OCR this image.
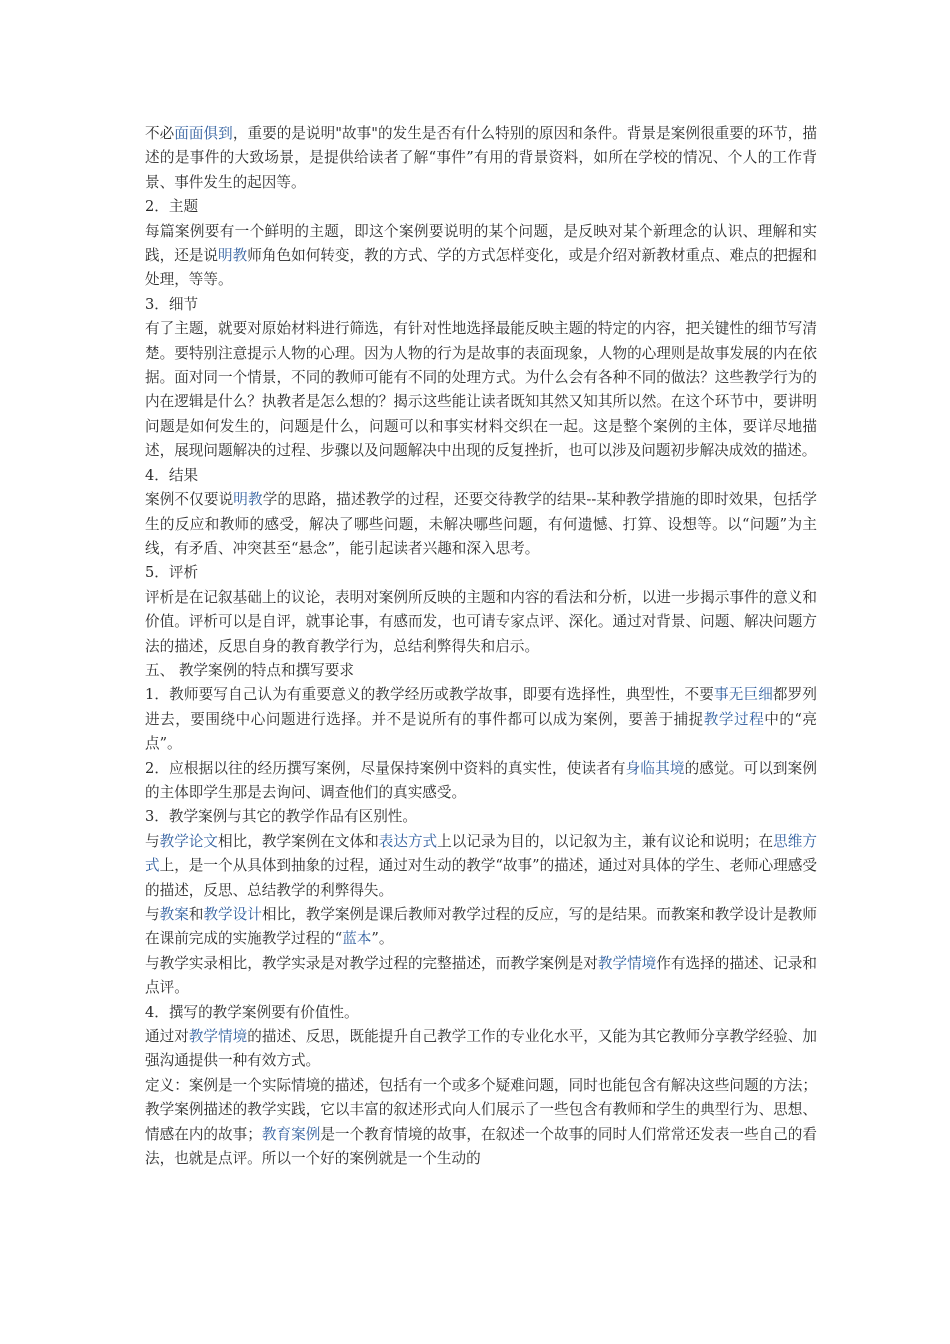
不必面面俱到，重要的是说明"故事"的发生是否有什么特别的原因和条件。背景是案例很重要的环节，描述的是事件的大致场景，是提供给读者了解“事件”有用的背景资料，如所在学校的情况、个人的工作背景、事件发生的起因等。

2．主题

每篇案例要有一个鲜明的主题，即这个案例要说明的某个问题，是反映对某个新理念的认识、理解和实践，还是说明教师角色如何转变，教的方式、学的方式怎样变化，或是介绍对新教材重点、难点的把握和处理，等等。

3．细节

有了主题，就要对原始材料进行筛选，有针对性地选择最能反映主题的特定的内容，把关键性的细节写清楚。要特别注意提示人物的心理。因为人物的行为是故事的表面现象，人物的心理则是故事发展的内在依据。面对同一个情景，不同的教师可能有不同的处理方式。为什么会有各种不同的做法？这些教学行为的内在逻辑是什么？执教者是怎么想的？揭示这些能让读者既知其然又知其所以然。在这个环节中，要讲明问题是如何发生的，问题是什么，问题可以和事实材料交织在一起。这是整个案例的主体，要详尽地描述，展现问题解决的过程、步骤以及问题解决中出现的反复挫折，也可以涉及问题初步解决成效的描述。

4．结果

案例不仅要说明教学的思路，描述教学的过程，还要交待教学的结果--某种教学措施的即时效果，包括学生的反应和教师的感受，解决了哪些问题，未解决哪些问题，有何遗憾、打算、设想等。以“问题”为主线，有矛盾、冲突甚至“悬念”，能引起读者兴趣和深入思考。

5．评析

评析是在记叙基础上的议论，表明对案例所反映的主题和内容的看法和分析，以进一步揭示事件的意义和价值。评析可以是自评，就事论事，有感而发，也可请专家点评、深化。通过对背景、问题、解决问题方法的描述，反思自身的教育教学行为，总结利弊得失和启示。

五、 教学案例的特点和撰写要求

1．教师要写自己认为有重要意义的教学经历或教学故事，即要有选择性，典型性，不要事无巨细都罗列进去，要围绕中心问题进行选择。并不是说所有的事件都可以成为案例，要善于捕捉教学过程中的“亮点”。

2．应根据以往的经历撰写案例，尽量保持案例中资料的真实性，使读者有身临其境的感觉。可以到案例的主体即学生那是去询问、调查他们的真实感受。

3．教学案例与其它的教学作品有区别性。

与教学论文相比，教学案例在文体和表达方式上以记录为目的，以记叙为主，兼有议论和说明；在思维方式上，是一个从具体到抽象的过程，通过对生动的教学“故事”的描述，通过对具体的学生、老师心理感受的描述，反思、总结教学的利弊得失。

与教案和教学设计相比，教学案例是课后教师对教学过程的反应，写的是结果。而教案和教学设计是教师在课前完成的实施教学过程的“蓝本”。

与教学实录相比，教学实录是对教学过程的完整描述，而教学案例是对教学情境作有选择的描述、记录和点评。

4．撰写的教学案例要有价值性。

通过对教学情境的描述、反思，既能提升自己教学工作的专业化水平，又能为其它教师分享教学经验、加强沟通提供一种有效方式。

定义：案例是一个实际情境的描述，包括有一个或多个疑难问题，同时也能包含有解决这些问题的方法；教学案例描述的教学实践，它以丰富的叙述形式向人们展示了一些包含有教师和学生的典型行为、思想、情感在内的故事；教育案例是一个教育情境的故事，在叙述一个故事的同时人们常常还发表一些自己的看法，也就是点评。所以一个好的案例就是一个生动的
